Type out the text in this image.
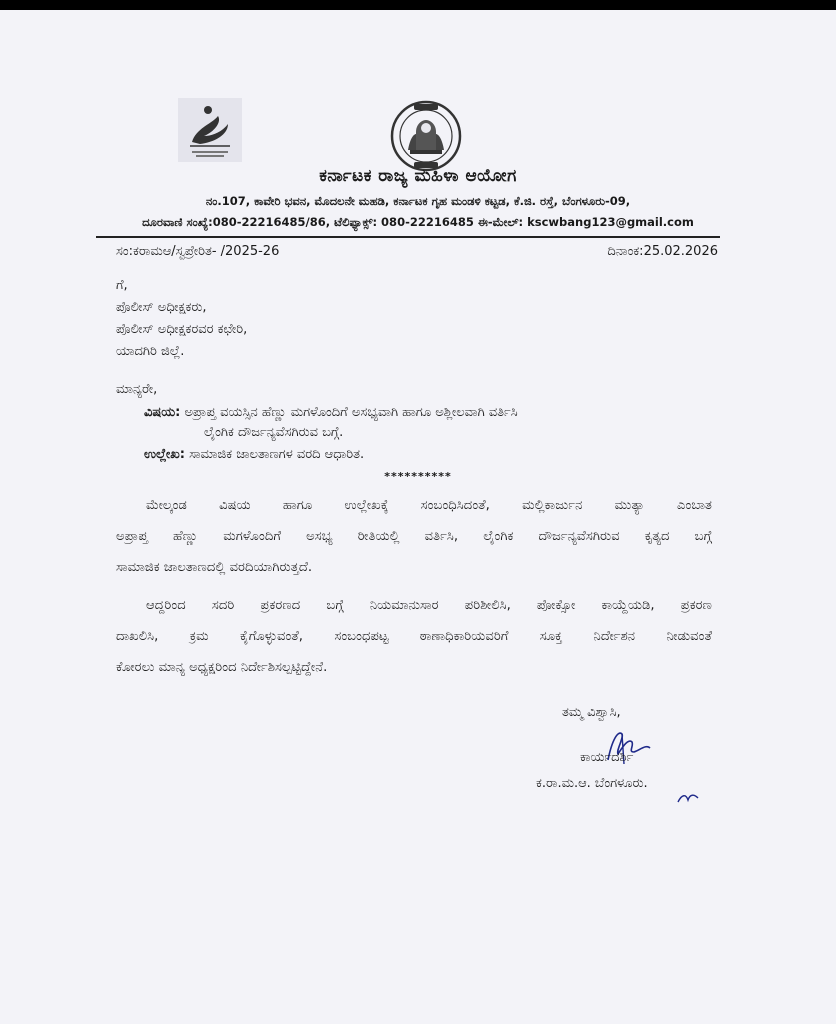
ಕರ್ನಾಟಕ ರಾಜ್ಯ ಮಹಿಳಾ ಆಯೋಗ
ನಂ.107, ಕಾವೇರಿ ಭವನ, ಮೊದಲನೇ ಮಹಡಿ, ಕರ್ನಾಟಕ ಗೃಹ ಮಂಡಳಿ ಕಟ್ಟಡ, ಕೆ.ಜಿ. ರಸ್ತೆ, ಬೆಂಗಳೂರು-09,
ದೂರವಾಣಿ ಸಂಖ್ಯೆ:080-22216485/86, ಟೆಲಿಫ್ಯಾಕ್ಸ್: 080-22216485 ಈ-ಮೇಲ್: kscwbang123@gmail.com
ಸಂ:ಕರಾಮಆ/ಸ್ವಪ್ರೇರಿತ- /2025-26	ದಿನಾಂಕ:25.02.2026
ಗೆ,
ಪೊಲೀಸ್ ಅಧೀಕ್ಷಕರು,
ಪೊಲೀಸ್ ಅಧೀಕ್ಷಕರವರ ಕಛೇರಿ,
ಯಾದಗಿರಿ ಜಿಲ್ಲೆ.
ಮಾನ್ಯರೇ,
ವಿಷಯ: ಅಪ್ರಾಪ್ತ ವಯಸ್ಸಿನ ಹೆಣ್ಣು ಮಗಳೊಂದಿಗೆ ಅಸಭ್ಯವಾಗಿ ಹಾಗೂ ಅಶ್ಲೀಲವಾಗಿ ವರ್ತಿಸಿ
ಲೈಂಗಿಕ ದೌರ್ಜನ್ಯವೆಸಗಿರುವ ಬಗ್ಗೆ.
ಉಲ್ಲೇಖ: ಸಾಮಾಜಿಕ ಜಾಲತಾಣಗಳ ವರದಿ ಆಧಾರಿತ.
**********
ಮೇಲ್ಕಂಡ ವಿಷಯ ಹಾಗೂ ಉಲ್ಲೇಖಕ್ಕೆ ಸಂಬಂಧಿಸಿದಂತೆ, ಮಲ್ಲಿಕಾರ್ಜುನ ಮುತ್ಯಾ ಎಂಬಾತ
ಅಪ್ರಾಪ್ತ ಹೆಣ್ಣು ಮಗಳೊಂದಿಗೆ ಅಸಭ್ಯ ರೀತಿಯಲ್ಲಿ ವರ್ತಿಸಿ, ಲೈಂಗಿಕ ದೌರ್ಜನ್ಯವೆಸಗಿರುವ ಕೃತ್ಯದ ಬಗ್ಗೆ
ಸಾಮಾಜಿಕ ಜಾಲತಾಣದಲ್ಲಿ ವರದಿಯಾಗಿರುತ್ತದೆ.
ಆದ್ದರಿಂದ ಸದರಿ ಪ್ರಕರಣದ ಬಗ್ಗೆ ನಿಯಮಾನುಸಾರ ಪರಿಶೀಲಿಸಿ, ಪೋಕ್ಸೋ ಕಾಯ್ದೆಯಡಿ, ಪ್ರಕರಣ
ದಾಖಲಿಸಿ, ಕ್ರಮ ಕೈಗೊಳ್ಳುವಂತೆ, ಸಂಬಂಧಪಟ್ಟ ಠಾಣಾಧಿಕಾರಿಯವರಿಗೆ ಸೂಕ್ತ ನಿರ್ದೇಶನ ನೀಡುವಂತೆ
ಕೋರಲು ಮಾನ್ಯ ಅಧ್ಯಕ್ಷರಿಂದ ನಿರ್ದೇಶಿಸಲ್ಪಟ್ಟಿದ್ದೇನೆ.
ತಮ್ಮ ವಿಶ್ವಾಸಿ,
ಕಾರ್ಯದರ್ಶಿ
ಕ.ರಾ.ಮ.ಆ. ಬೆಂಗಳೂರು.
